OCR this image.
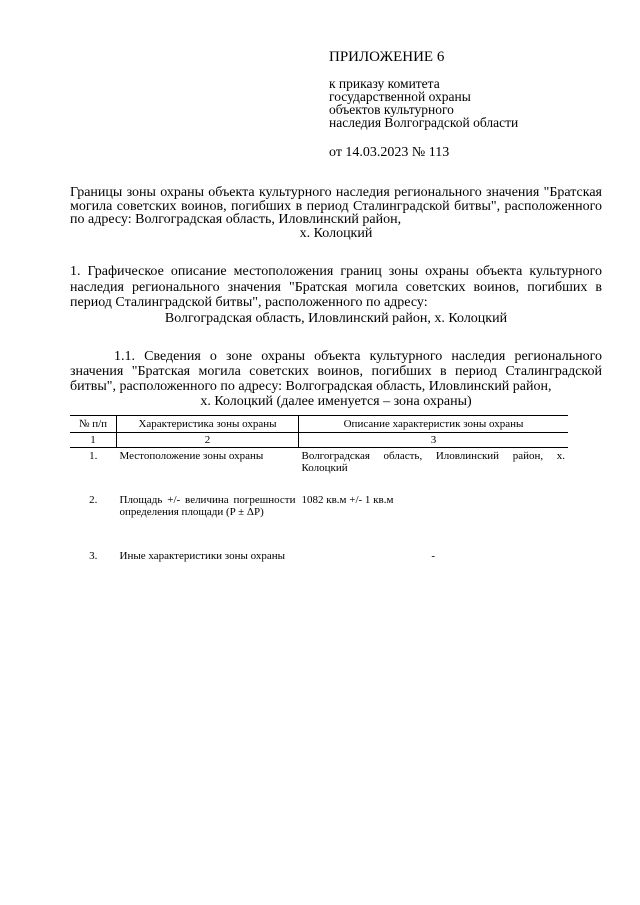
ПРИЛОЖЕНИЕ 6
к приказу комитета
государственной охраны
объектов культурного
наследия Волгоградской области
от 14.03.2023 № 113
Границы зоны охраны объекта культурного наследия регионального значения "Братская могила советских воинов, погибших в период Сталинградской битвы", расположенного по адресу: Волгоградская область, Иловлинский район,
х. Колоцкий
1. Графическое описание местоположения границ зоны охраны объекта культурного наследия регионального значения "Братская могила советских воинов, погибших в период Сталинградской битвы", расположенного по адресу:
Волгоградская область, Иловлинский район, х. Колоцкий
1.1. Сведения о зоне охраны объекта культурного наследия регионального значения "Братская могила советских воинов, погибших в период Сталинградской битвы", расположенного по адресу: Волгоградская область, Иловлинский район,
х. Колоцкий (далее именуется – зона охраны)
№ п/п	Характеристика зоны охраны	Описание характеристик зоны охраны
1	2	3
1.	Местоположение зоны охраны	Волгоградская область, Иловлинский район, х. Колоцкий
2.	Площадь +/- величина погрешности определения площади (P ± ΔP)	1082 кв.м +/- 1 кв.м
3.	Иные характеристики зоны охраны	-
